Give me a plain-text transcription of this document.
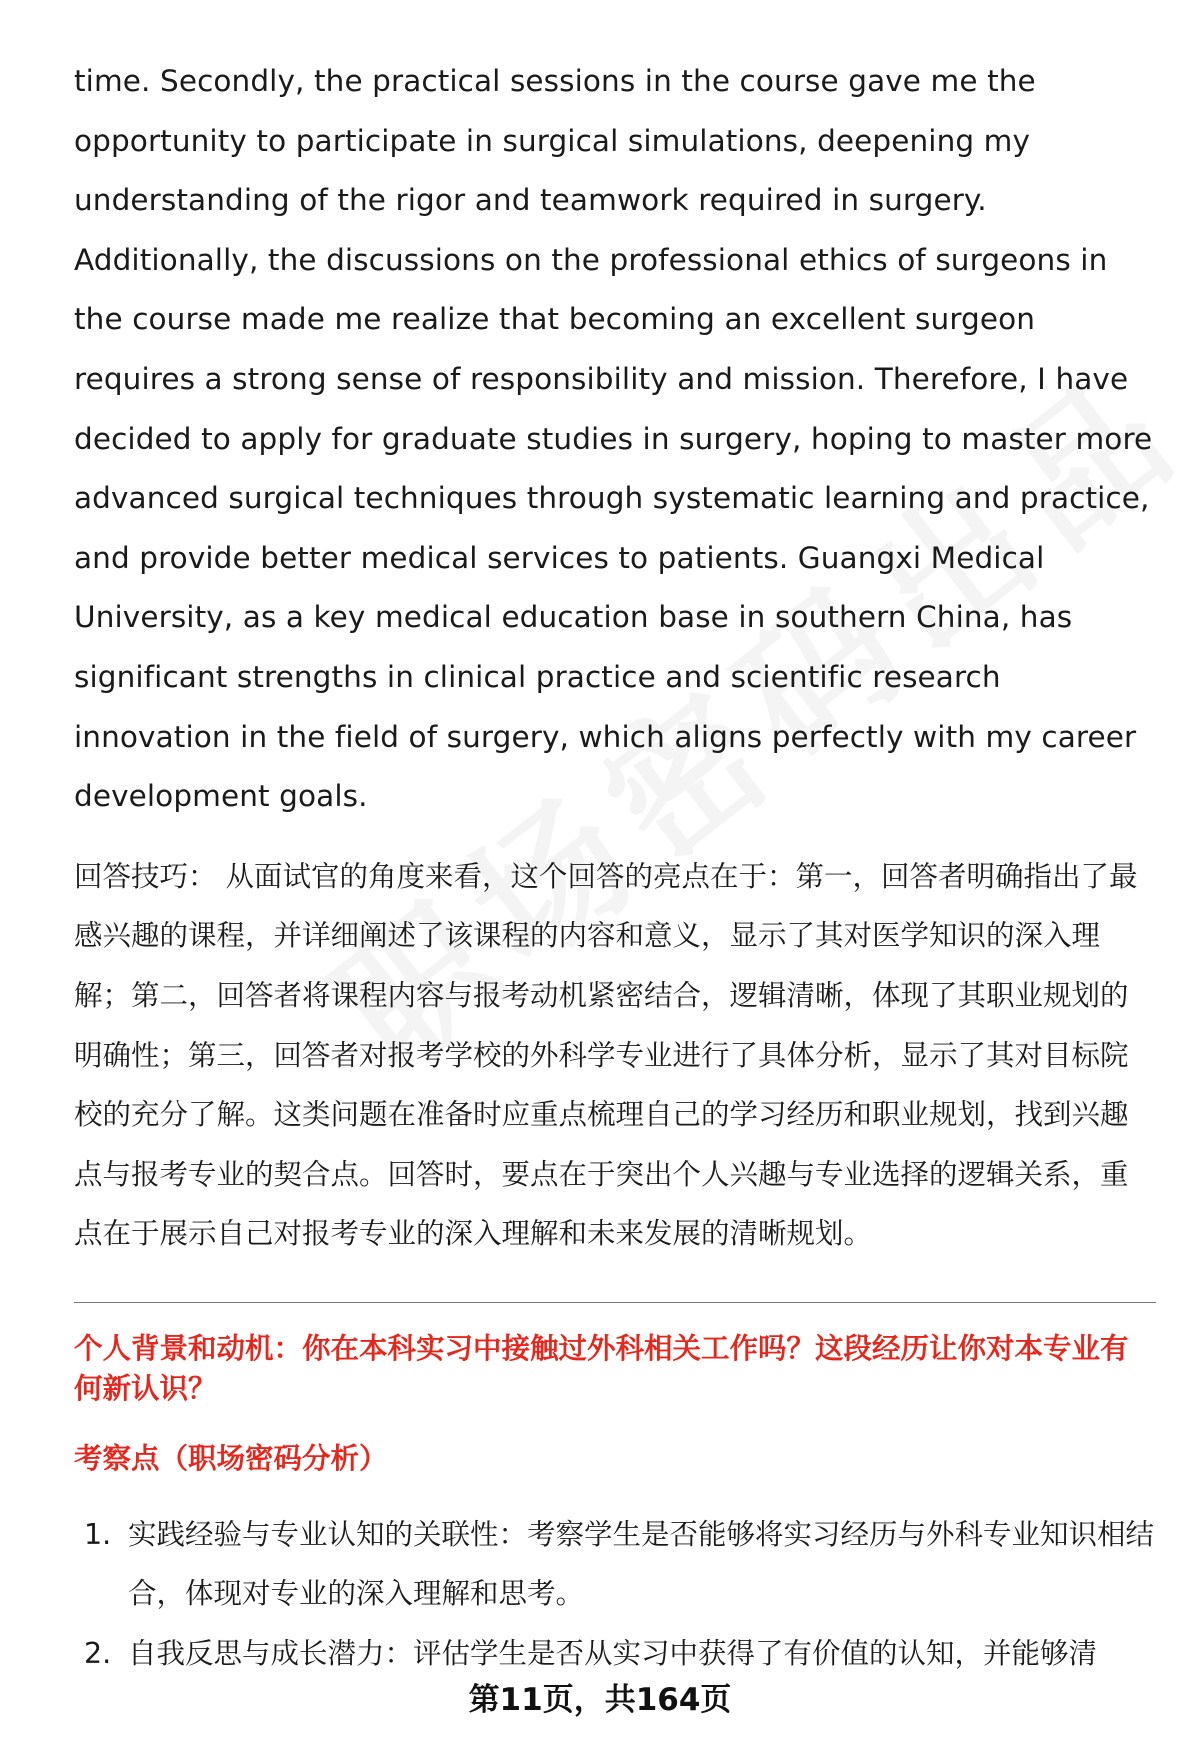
time. Secondly, the practical sessions in the course gave me the opportunity to participate in surgical simulations, deepening my understanding of the rigor and teamwork required in surgery. Additionally, the discussions on the professional ethics of surgeons in the course made me realize that becoming an excellent surgeon requires a strong sense of responsibility and mission. Therefore, I have decided to apply for graduate studies in surgery, hoping to master more advanced surgical techniques through systematic learning and practice, and provide better medical services to patients. Guangxi Medical University, as a key medical education base in southern China, has significant strengths in clinical practice and scientific research innovation in the field of surgery, which aligns perfectly with my career development goals.

回答技巧： 从面试官的角度来看，这个回答的亮点在于：第一，回答者明确指出了最感兴趣的课程，并详细阐述了该课程的内容和意义，显示了其对医学知识的深入理解；第二，回答者将课程内容与报考动机紧密结合，逻辑清晰，体现了其职业规划的明确性；第三，回答者对报考学校的外科学专业进行了具体分析，显示了其对目标院校的充分了解。这类问题在准备时应重点梳理自己的学习经历和职业规划，找到兴趣点与报考专业的契合点。回答时，要点在于突出个人兴趣与专业选择的逻辑关系，重点在于展示自己对报考专业的深入理解和未来发展的清晰规划。

个人背景和动机：你在本科实习中接触过外科相关工作吗？这段经历让你对本专业有何新认识？
考察点（职场密码分析）
1. 实践经验与专业认知的关联性：考察学生是否能够将实习经历与外科专业知识相结合，体现对专业的深入理解和思考。
2. 自我反思与成长潜力：评估学生是否从实习中获得了有价值的认知，并能够清
第11页，共164页
